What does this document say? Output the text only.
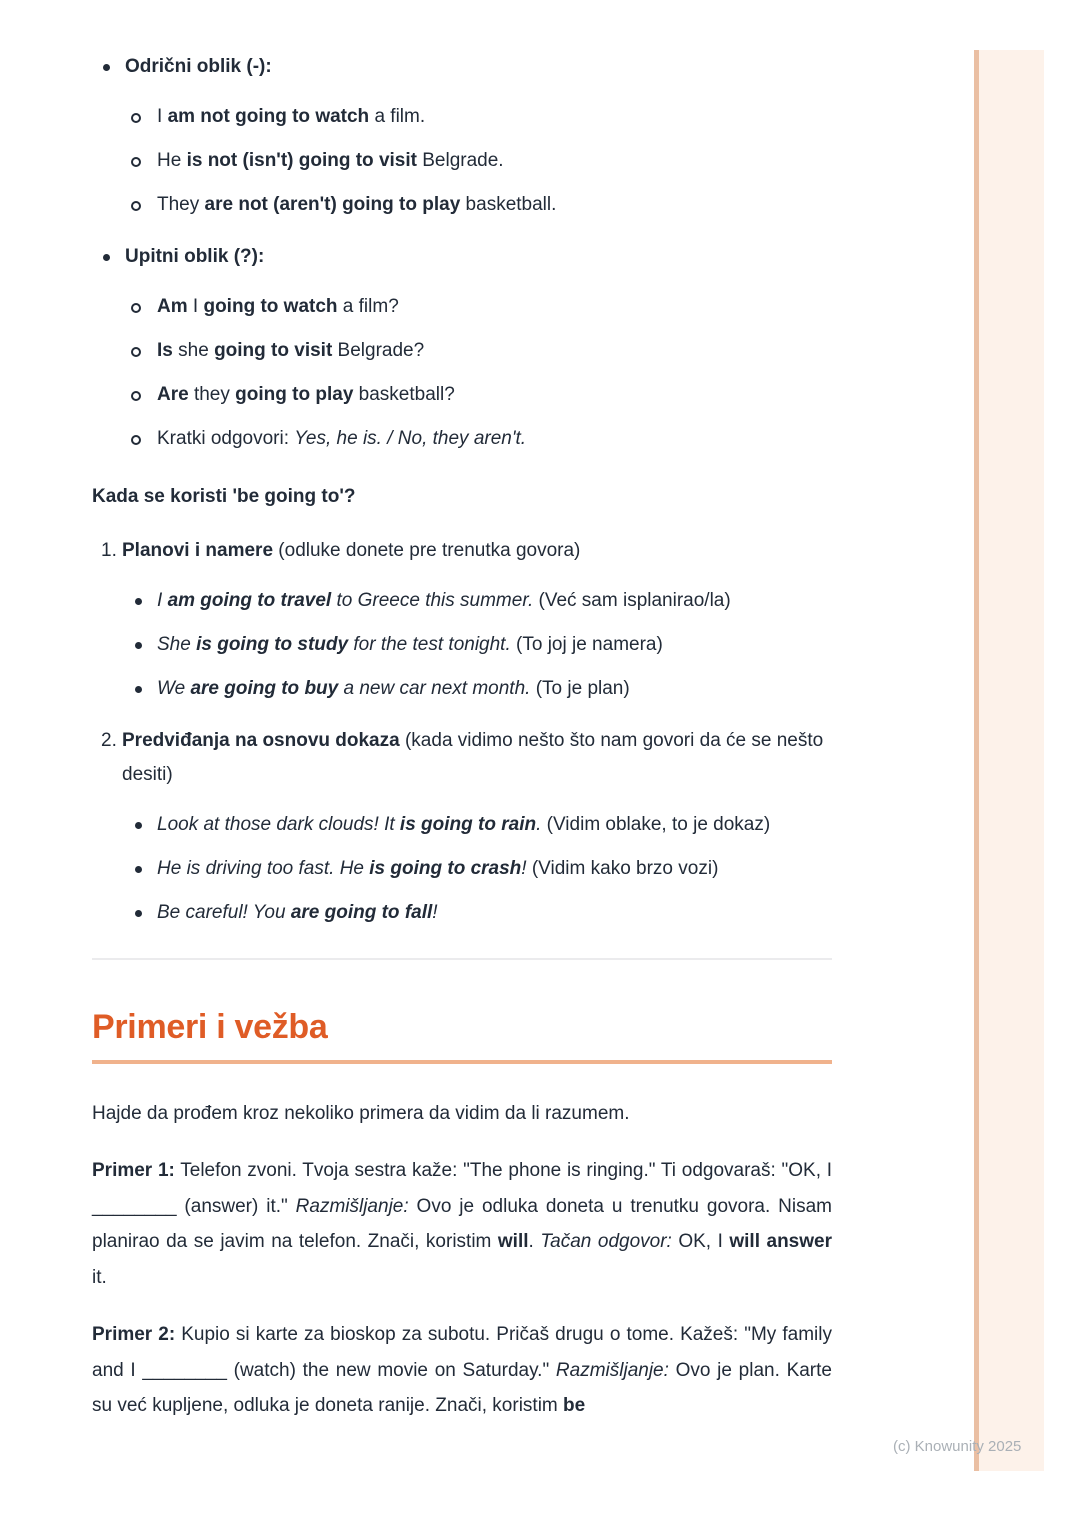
Odrični oblik (-):
I am not going to watch a film.
He is not (isn't) going to visit Belgrade.
They are not (aren't) going to play basketball.
Upitni oblik (?):
Am I going to watch a film?
Is she going to visit Belgrade?
Are they going to play basketball?
Kratki odgovori: Yes, he is. / No, they aren't.

Kada se koristi 'be going to'?

1. Planovi i namere (odluke donete pre trenutka govora)
I am going to travel to Greece this summer. (Već sam isplanirao/la)
She is going to study for the test tonight. (To joj je namera)
We are going to buy a new car next month. (To je plan)
2. Predviđanja na osnovu dokaza (kada vidimo nešto što nam govori da će se nešto desiti)
Look at those dark clouds! It is going to rain. (Vidim oblake, to je dokaz)
He is driving too fast. He is going to crash! (Vidim kako brzo vozi)
Be careful! You are going to fall!
Primeri i vežba

Hajde da prođem kroz nekoliko primera da vidim da li razumem.

Primer 1: Telefon zvoni. Tvoja sestra kaže: "The phone is ringing." Ti odgovaraš: "OK, I ________ (answer) it." Razmišljanje: Ovo je odluka doneta u trenutku govora. Nisam planirao da se javim na telefon. Znači, koristim will. Tačan odgovor: OK, I will answer it.

Primer 2: Kupio si karte za bioskop za subotu. Pričaš drugu o tome. Kažeš: "My family and I ________ (watch) the new movie on Saturday." Razmišljanje: Ovo je plan. Karte su već kupljene, odluka je doneta ranije. Znači, koristim be

(c) Knowunity 2025
